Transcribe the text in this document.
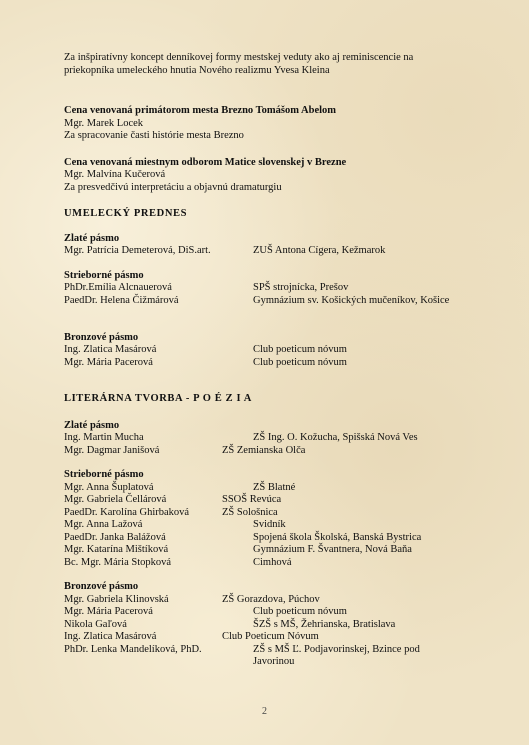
Za inšpiratívny koncept denníkovej formy mestskej veduty ako aj reminiscencie na priekopníka umeleckého hnutia Nového realizmu Yvesa Kleina
Cena venovaná primátorom mesta Brezno Tomášom Abelom
Mgr. Marek Locek
Za spracovanie časti histórie mesta Brezno
Cena venovaná miestnym odborom Matice slovenskej v Brezne
Mgr. Malvína Kučerová
Za presvedčivú interpretáciu a objavnú dramaturgiu
UMELECKÝ PREDNES
Zlaté pásmo
Mgr. Patrícia Demeterová, DiS.art.	ZUŠ Antona Cígera, Kežmarok
Strieborné pásmo
PhDr.Emília Alcnauerová	SPŠ strojnícka, Prešov
PaedDr. Helena Čižmárová	Gymnázium sv. Košických mučeníkov, Košice
Bronzové pásmo
Ing. Zlatica Masárová	Club poeticum nóvum
Mgr. Mária Pacerová	Club poeticum nóvum
LITERÁRNA TVORBA - P O É Z I A
Zlaté pásmo
Ing. Martin Mucha	ZŠ Ing. O. Kožucha, Spišská Nová Ves
Mgr. Dagmar Janišová	ZŠ Zemianska Olča
Strieborné pásmo
Mgr. Anna Šuplatová	ZŠ Blatné
Mgr. Gabriela Čellárová	SSOŠ Revúca
PaedDr. Karolína Ghirbaková	ZŠ Sološnica
Mgr. Anna Lažová	Svidník
PaedDr. Janka Balážová	Spojená škola Školská, Banská Bystrica
Mgr. Katarína Mištíková	Gymnázium F. Švantnera, Nová Baňa
Bc. Mgr. Mária Stopková	Cimhová
Bronzové pásmo
Mgr. Gabriela Klinovská	ZŠ Gorazdova, Púchov
Mgr. Mária Pacerová	Club poeticum nóvum
Nikola Gaľová	ŠZŠ s MŠ, Žehrianska, Bratislava
Ing. Zlatica Masárová	Club Poeticum Nóvum
PhDr. Lenka Mandelíková, PhD.	ZŠ s MŠ Ľ. Podjavorinskej, Bzince pod Javorinou
2
